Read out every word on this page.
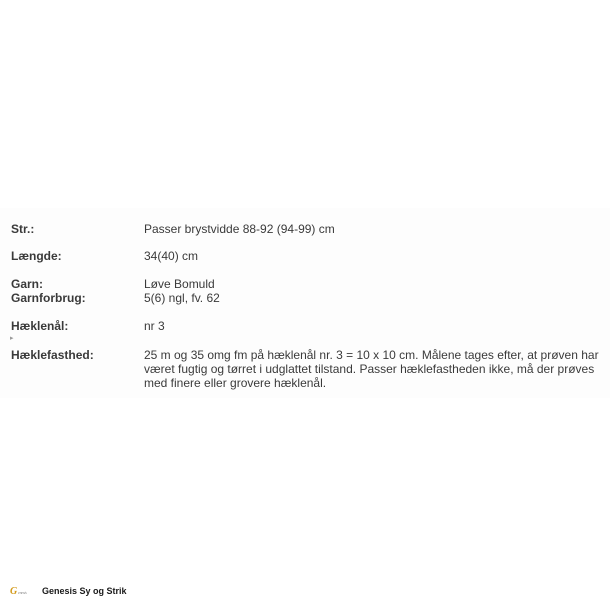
Str.:	Passer brystvidde 88-92 (94-99) cm
Længde:	34(40) cm
Garn:	Løve Bomuld
Garnforbrug:	5(6) ngl, fv. 62
Hæklenål:	nr 3
▸
Hæklefasthed:	25 m og 35 omg fm på hæklenål nr. 3 = 10 x 10 cm. Målene tages efter, at prøven har været fugtig og tørret i udglattet tilstand. Passer hæklefastheden ikke, må der prøves med finere eller grovere hæklenål.
G enesis Genesis Sy og Strik
